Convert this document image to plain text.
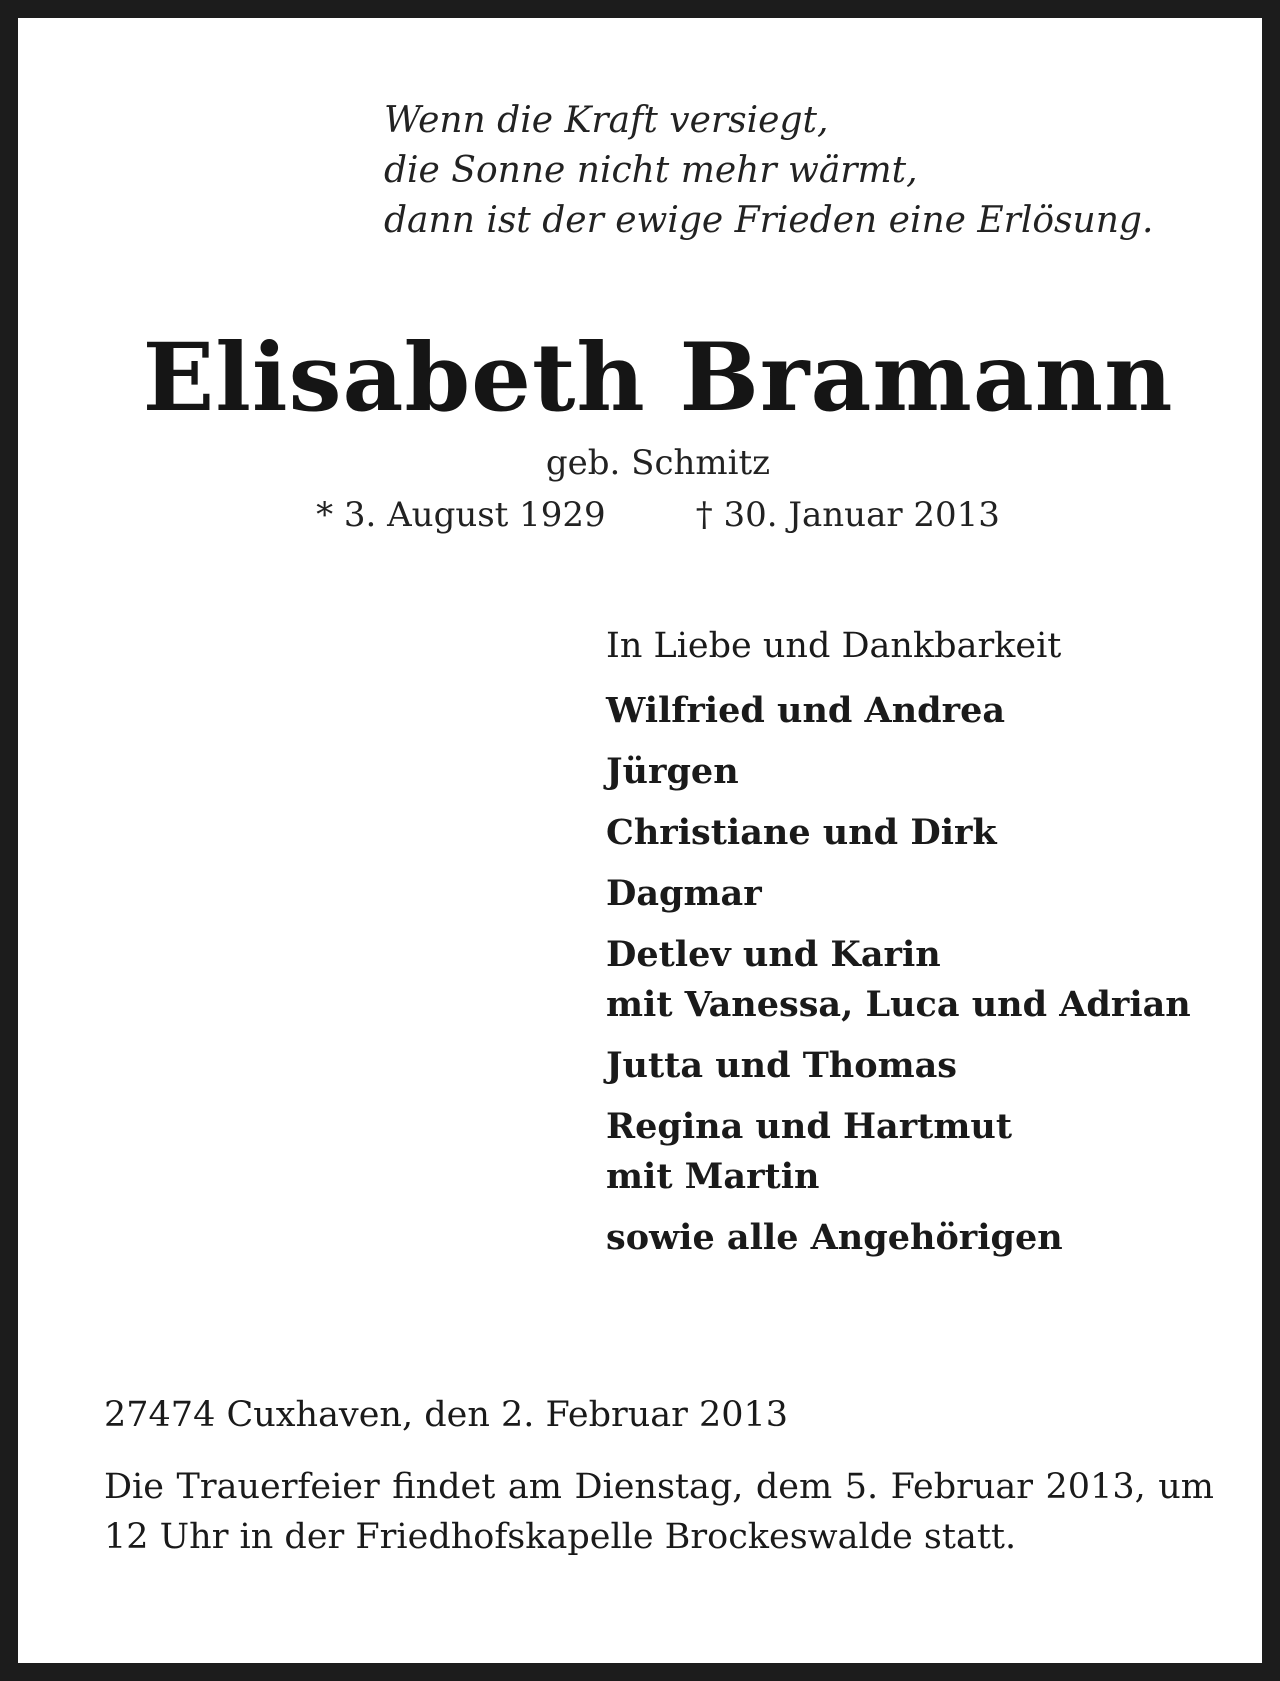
Wenn die Kraft versiegt,
die Sonne nicht mehr wärmt,
dann ist der ewige Frieden eine Erlösung.
Elisabeth Bramann
geb. Schmitz
* 3. August 1929	† 30. Januar 2013
In Liebe und Dankbarkeit
Wilfried und Andrea
Jürgen
Christiane und Dirk
Dagmar
Detlev und Karin
mit Vanessa, Luca und Adrian
Jutta und Thomas
Regina und Hartmut
mit Martin
sowie alle Angehörigen
27474 Cuxhaven, den 2. Februar 2013
Die Trauerfeier findet am Dienstag, dem 5. Februar 2013, um 12 Uhr in der Friedhofskapelle Brockeswalde statt.
